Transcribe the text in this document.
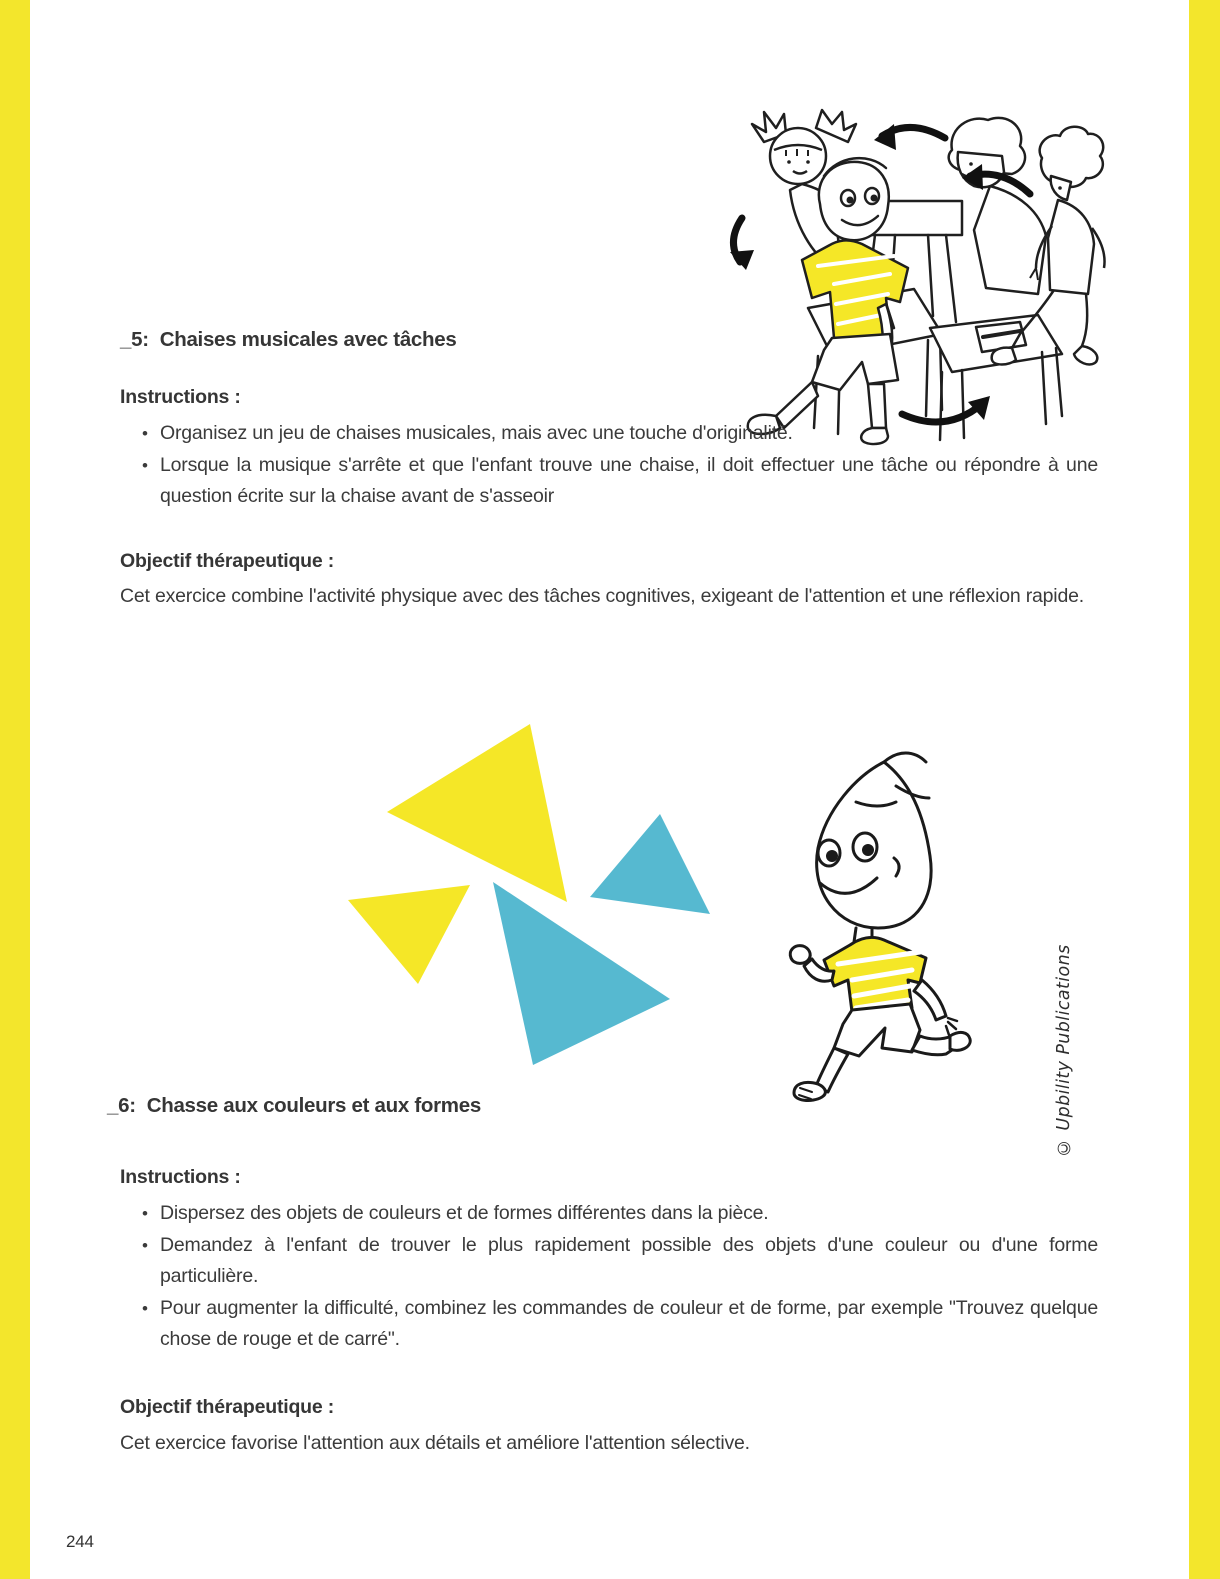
_5: Chaises musicales avec tâches
Instructions :
• Organisez un jeu de chaises musicales, mais avec une touche d'originalité.
• Lorsque la musique s'arrête et que l'enfant trouve une chaise, il doit effectuer une tâche ou répondre à une question écrite sur la chaise avant de s'asseoir
Objectif thérapeutique :

Cet exercice combine l'activité physique avec des tâches cognitives, exigeant de l'attention et une réflexion rapide.

© Upbility Publications
_6: Chasse aux couleurs et aux formes
Instructions :
• Dispersez des objets de couleurs et de formes différentes dans la pièce.
• Demandez à l'enfant de trouver le plus rapidement possible des objets d'une couleur ou d'une forme particulière.
• Pour augmenter la difficulté, combinez les commandes de couleur et de forme, par exemple "Trouvez quelque chose de rouge et de carré".
Objectif thérapeutique :

Cet exercice favorise l'attention aux détails et améliore l'attention sélective.

244
